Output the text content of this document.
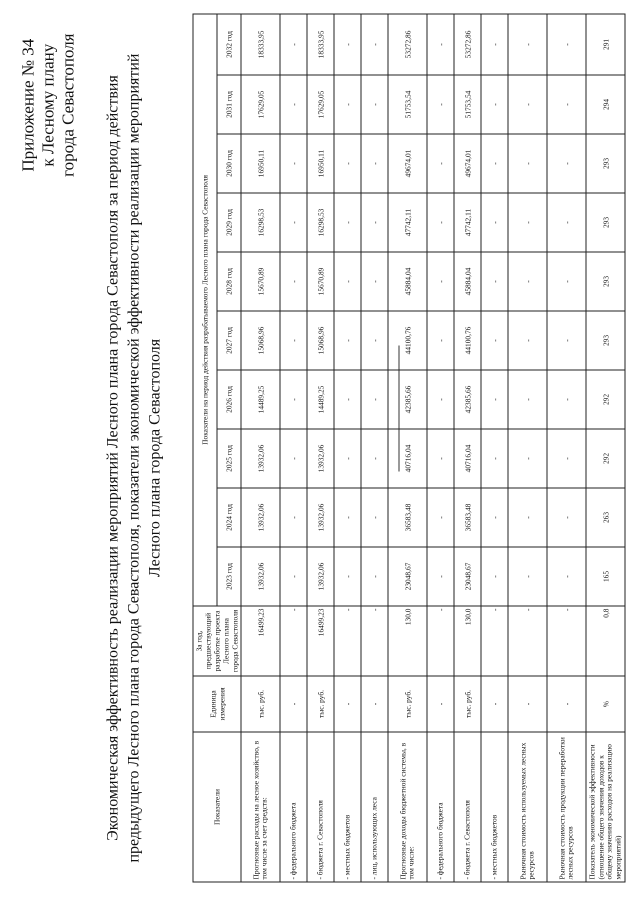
Приложение № 34 к Лесному плану города Севастополя Экономическая эффективность реализации мероприятий Лесного плана города Севастополя за период действия предыдущего Лесного плана города Севастополя, показатели экономической эффективности реализации мероприятий Лесного плана города Севастополя
Показатели	Единица измерения	За год, предшествующий разработке проекта Лесного плана города Севастополя	Показатели на период действия разрабатываемого Лесного плана города Севастополя									
			2023 год	2024 год	2025 год	2026 год	2027 год	2028 год	2029 год	2030 год	2031 год	2032 год
Прогнозные расходы на лесное хозяйство, в том числе за счет средств:	тыс. руб.	16499,23	13932,06	13932,06	13932,06	14489,25	15068,96	15670,89	16298,53	16950,11	17629,05	18333,95
- федерального бюджета	-	-	-	-	-	-	-	-	-	-	-	-
- бюджета г. Севастополя	тыс. руб.	16499,23	13932,06	13932,06	13932,06	14489,25	15068,96	15670,89	16298,53	16950,11	17629,05	18333,95
- местных бюджетов	-	-	-	-	-	-	-	-	-	-	-	-
- лиц, использующих леса	-	-	-	-	-	-	-	-	-	-	-	-
Прогнозные доходы бюджетной системы, в том числе:	тыс. руб.	130,0	23048,67	36583,48	40716,04	42385,66	44100,76	45884,04	47742,11	49674,01	51753,54	53272,86
- федерального бюджета	-	-	-	-	-	-	-	-	-	-	-	-
- бюджета г. Севастополя	тыс. руб.	130,0	23048,67	36583,48	40716,04	42385,66	44100,76	45884,04	47742,11	49674,01	51753,54	53272,86
- местных бюджетов	-	-	-	-	-	-	-	-	-	-	-	-
Рыночная стоимость используемых лесных ресурсов	-	-	-	-	-	-	-	-	-	-	-	-
Рыночная стоимость продукции переработки лесных ресурсов	-	-	-	-	-	-	-	-	-	-	-	-
Показатель экономической эффективности (отношение общего значения доходов к общему значению расходов на реализацию мероприятий)	%	0,8	165	263	292	292	293	293	293	293	294	291
